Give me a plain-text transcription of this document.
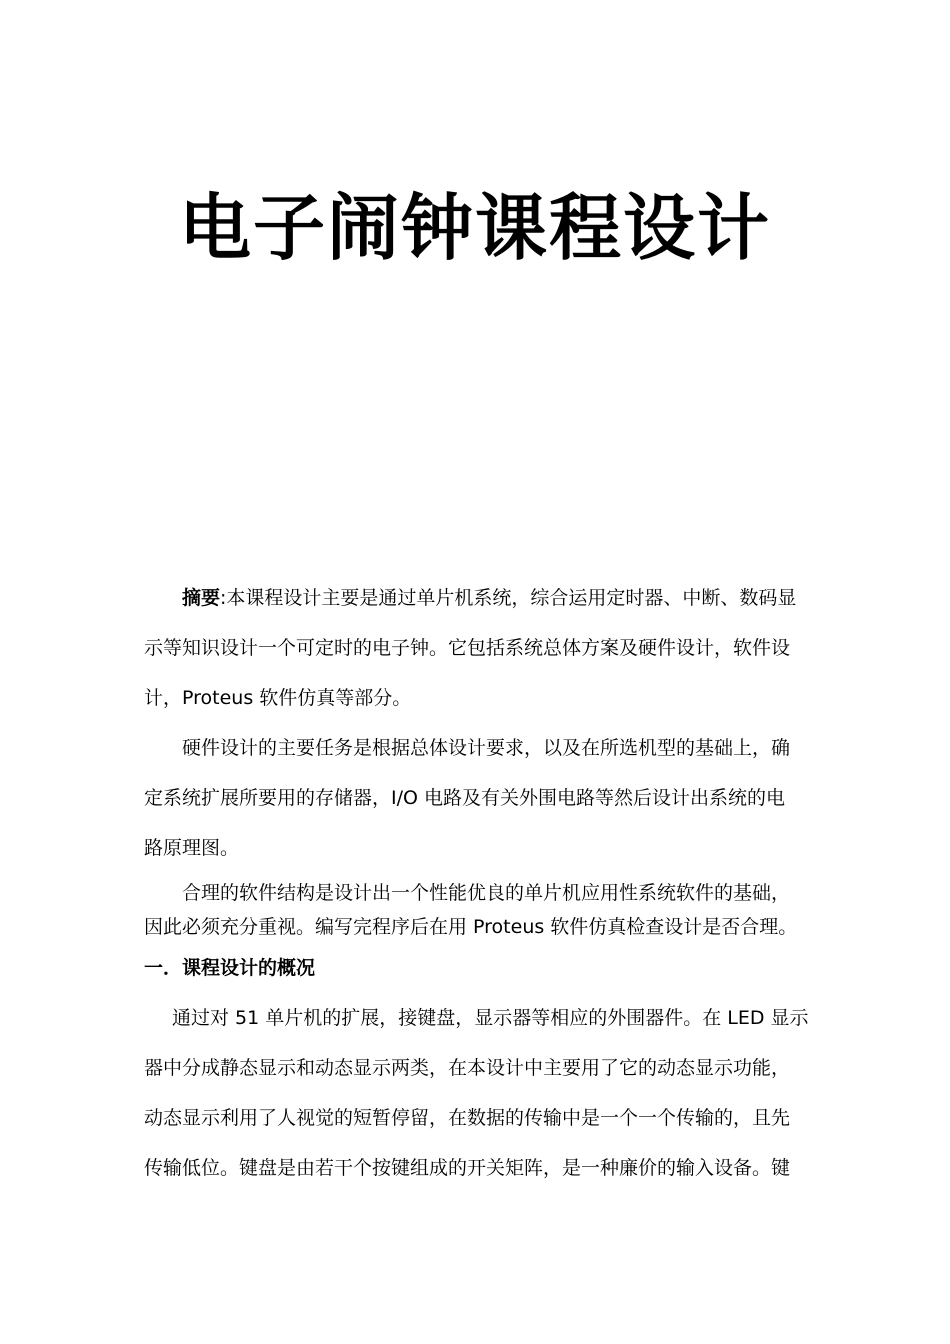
电子闹钟课程设计
摘要:本课程设计主要是通过单片机系统，综合运用定时器、中断、数码显
示等知识设计一个可定时的电子钟。它包括系统总体方案及硬件设计，软件设
计，Proteus 软件仿真等部分。
硬件设计的主要任务是根据总体设计要求，以及在所选机型的基础上，确
定系统扩展所要用的存储器，I/O 电路及有关外围电路等然后设计出系统的电
路原理图。
合理的软件结构是设计出一个性能优良的单片机应用性系统软件的基础，
因此必须充分重视。编写完程序后在用 Proteus 软件仿真检查设计是否合理。
一．课程设计的概况
通过对 51 单片机的扩展，接键盘，显示器等相应的外围器件。在 LED 显示
器中分成静态显示和动态显示两类，在本设计中主要用了它的动态显示功能，
动态显示利用了人视觉的短暂停留，在数据的传输中是一个一个传输的，且先
传输低位。键盘是由若干个按键组成的开关矩阵，是一种廉价的输入设备。键
